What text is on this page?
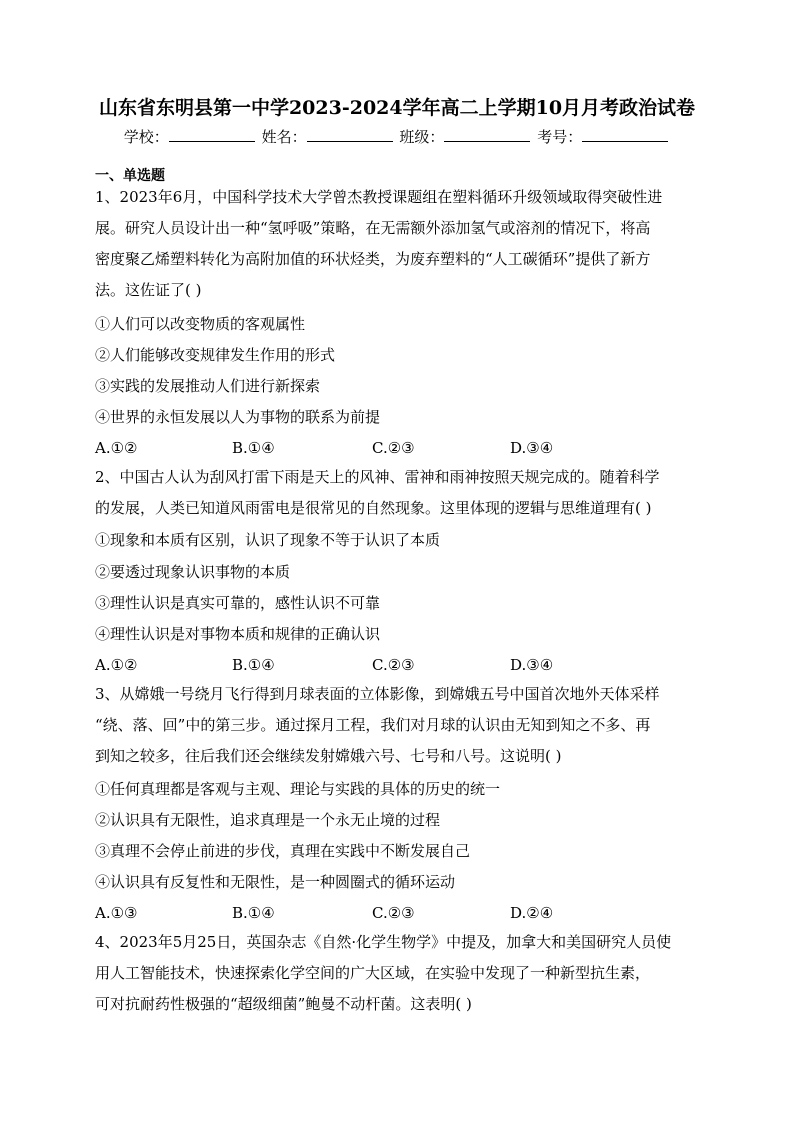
山东省东明县第一中学2023-2024学年高二上学期10月月考政治试卷
学校：	姓名：	班级：	考号：
一、单选题

1、2023年6月，中国科学技术大学曾杰教授课题组在塑料循环升级领域取得突破性进

展。研究人员设计出一种“氢呼吸”策略，在无需额外添加氢气或溶剂的情况下，将高

密度聚乙烯塑料转化为高附加值的环状烃类，为废弃塑料的“人工碳循环”提供了新方

法。这佐证了( )

①人们可以改变物质的客观属性
②人们能够改变规律发生作用的形式
③实践的发展推动人们进行新探索
④世界的永恒发展以人为事物的联系为前提
A.①②	B.①④	C.②③	D.③④

2、中国古人认为刮风打雷下雨是天上的风神、雷神和雨神按照天规完成的。随着科学

的发展，人类已知道风雨雷电是很常见的自然现象。这里体现的逻辑与思维道理有( )

①现象和本质有区别，认识了现象不等于认识了本质
②要透过现象认识事物的本质
③理性认识是真实可靠的，感性认识不可靠
④理性认识是对事物本质和规律的正确认识
A.①②	B.①④	C.②③	D.③④

3、从嫦娥一号绕月飞行得到月球表面的立体影像，到嫦娥五号中国首次地外天体采样

“绕、落、回”中的第三步。通过探月工程，我们对月球的认识由无知到知之不多、再

到知之较多，往后我们还会继续发射嫦娥六号、七号和八号。这说明( )

①任何真理都是客观与主观、理论与实践的具体的历史的统一
②认识具有无限性，追求真理是一个永无止境的过程
③真理不会停止前进的步伐，真理在实践中不断发展自己
④认识具有反复性和无限性，是一种圆圈式的循环运动
A.①③	B.①④	C.②③	D.②④

4、2023年5月25日，英国杂志《自然·化学生物学》中提及，加拿大和美国研究人员使

用人工智能技术，快速探索化学空间的广大区域，在实验中发现了一种新型抗生素，

可对抗耐药性极强的“超级细菌”鲍曼不动杆菌。这表明( )
